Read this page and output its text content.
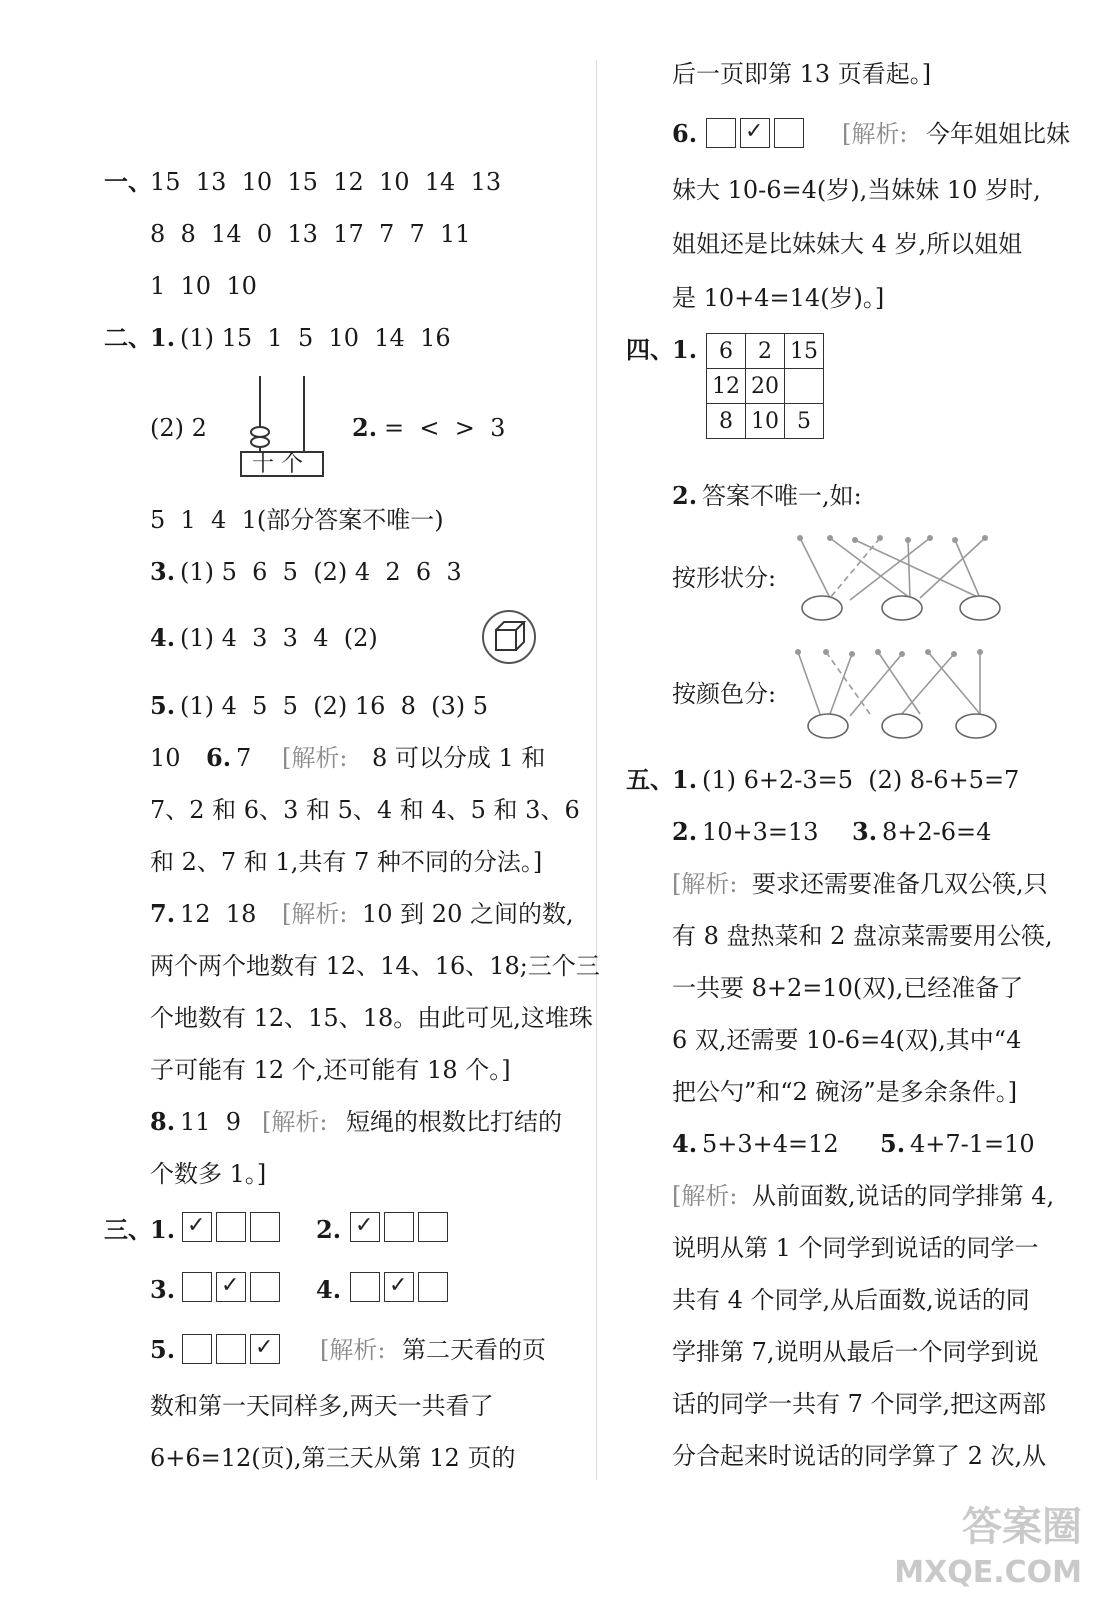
一、
15  13  10  15  12  10  14  13
8  8  14  0  13  17  7  7  11
1  10  10
二、
1. (1) 15  1  5  10  14  16
(2) 2
十 个
2. =  <  >  3
5  1  4  1(部分答案不唯一)
3. (1) 5  6  5  (2) 4  2  6  3
4. (1) 4  3  3  4  (2)
5. (1) 4  5  5  (2) 16  8  (3) 5
10 6. 7 [解析: 8 可以分成 1 和
7、2 和 6、3 和 5、4 和 4、5 和 3、6
和 2、7 和 1,共有 7 种不同的分法。]
7. 12  18 [解析: 10 到 20 之间的数,
两个两个地数有 12、14、16、18;三个三
个地数有 12、15、18。由此可见,这堆珠
子可能有 12 个,还可能有 18 个。]
8. 11  9 [解析: 短绳的根数比打结的
个数多 1。]
三、
1. ✓	2. ✓
3. ✓	4. ✓
5.	✓ [解析: 第二天看的页
数和第一天同样多,两天一共看了
6+6=12(页),第三天从第 12 页的
后一页即第 13 页看起。]
6. ✓	[解析: 今年姐姐比妹
妹大 10-6=4(岁),当妹妹 10 岁时,
姐姐还是比妹妹大 4 岁,所以姐姐
是 10+4=14(岁)。]
四、
1. 6	2	15
12	20	
8	10	5
2. 答案不唯一,如:
按形状分:
按颜色分:
五、
1. (1) 6+2-3=5  (2) 8-6+5=7
2. 10+3=13 3. 8+2-6=4
[解析: 要求还需要准备几双公筷,只
有 8 盘热菜和 2 盘凉菜需要用公筷,
一共要 8+2=10(双),已经准备了
6 双,还需要 10-6=4(双),其中“4
把公勺”和“2 碗汤”是多余条件。]
4. 5+3+4=12 5. 4+7-1=10
[解析: 从前面数,说话的同学排第 4,
说明从第 1 个同学到说话的同学一
共有 4 个同学,从后面数,说话的同
学排第 7,说明从最后一个同学到说
话的同学一共有 7 个同学,把这两部
分合起来时说话的同学算了 2 次,从
答案圈
MXQE.COM
